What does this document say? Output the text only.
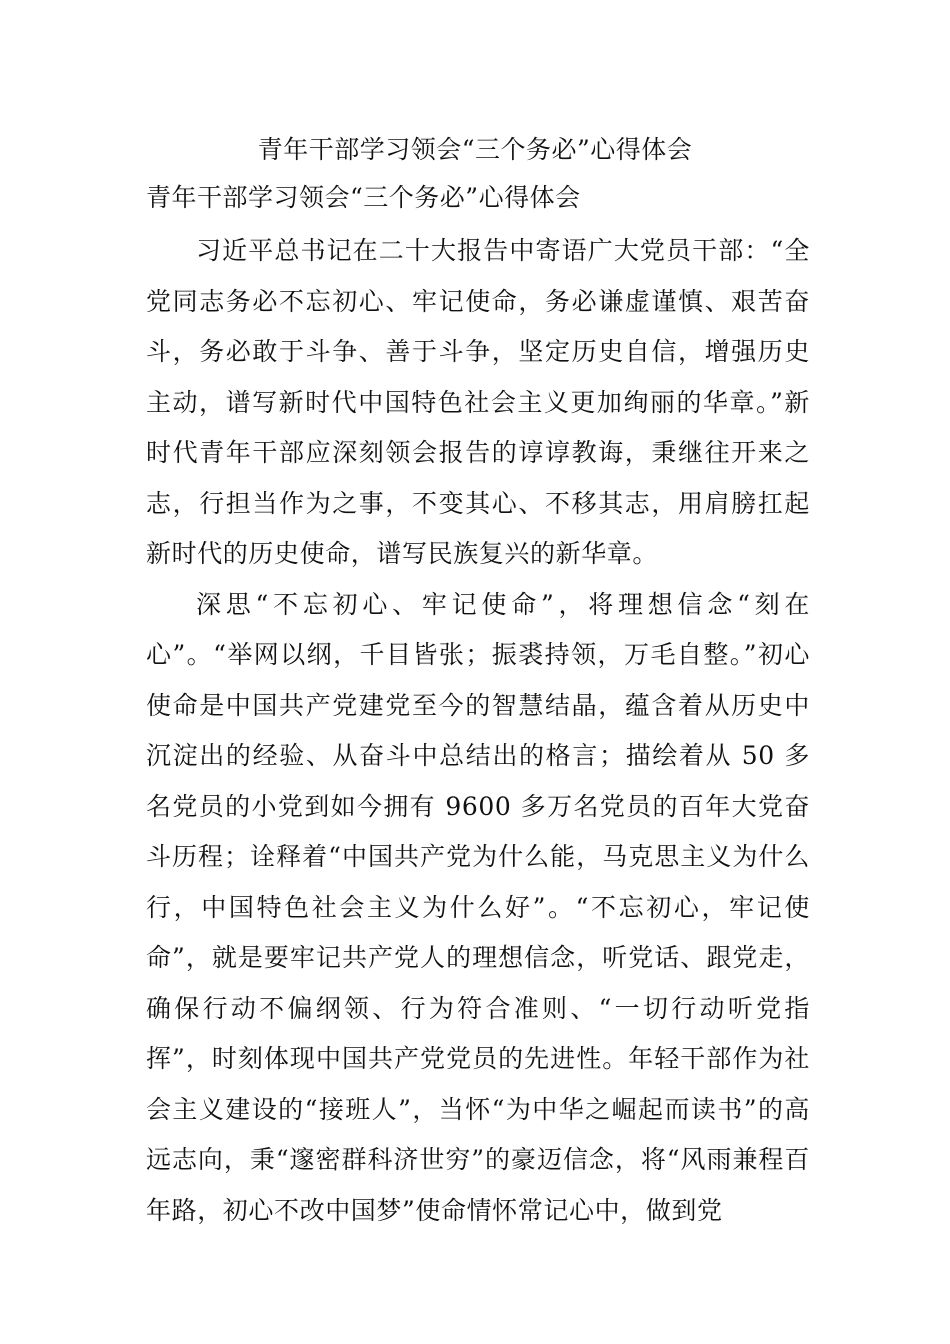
青年干部学习领会“三个务必”心得体会
青年干部学习领会“三个务必”心得体会

习近平总书记在二十大报告中寄语广大党员干部：“全党同志务必不忘初心、牢记使命，务必谦虚谨慎、艰苦奋斗，务必敢于斗争、善于斗争，坚定历史自信，增强历史主动，谱写新时代中国特色社会主义更加绚丽的华章。”新时代青年干部应深刻领会报告的谆谆教诲，秉继往开来之志，行担当作为之事，不变其心、不移其志，用肩膀扛起新时代的历史使命，谱写民族复兴的新华章。

深思“不忘初心、牢记使命”，将理想信念“刻在心”。“举网以纲，千目皆张；振裘持领，万毛自整。”初心使命是中国共产党建党至今的智慧结晶，蕴含着从历史中沉淀出的经验、从奋斗中总结出的格言；描绘着从 50 多名党员的小党到如今拥有 9600 多万名党员的百年大党奋斗历程；诠释着“中国共产党为什么能，马克思主义为什么行，中国特色社会主义为什么好”。“不忘初心，牢记使命”，就是要牢记共产党人的理想信念，听党话、跟党走，确保行动不偏纲领、行为符合准则、“一切行动听党指挥”，时刻体现中国共产党党员的先进性。年轻干部作为社会主义建设的“接班人”，当怀“为中华之崛起而读书”的高远志向，秉“邃密群科济世穷”的豪迈信念，将“风雨兼程百年路，初心不改中国梦”使命情怀常记心中，做到党
